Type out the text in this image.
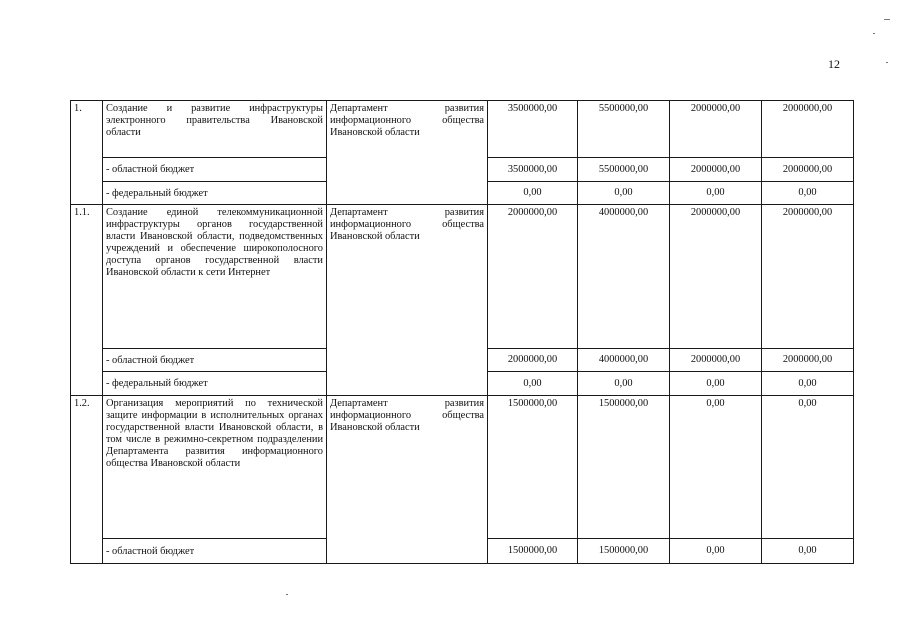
12
1.	Создание и развитие инфраструктуры электронного правительства Ивановской области	Департамент развития информационного общества Ивановской области	3500000,00	5500000,00	2000000,00	2000000,00
	- областной бюджет		3500000,00	5500000,00	2000000,00	2000000,00
	- федеральный бюджет		0,00	0,00	0,00	0,00
1.1.	Создание единой телекоммуникационной инфраструктуры органов государственной власти Ивановской области, подведомственных учреждений и обеспечение широкополосного доступа органов государственной власти Ивановской области к сети Интернет	Департамент развития информационного общества Ивановской области	2000000,00	4000000,00	2000000,00	2000000,00
	- областной бюджет		2000000,00	4000000,00	2000000,00	2000000,00
	- федеральный бюджет		0,00	0,00	0,00	0,00
1.2.	Организация мероприятий по технической защите информации в исполнительных органах государственной власти Ивановской области, в том числе в режимно-секретном подразделении Департамента развития информационного общества Ивановской области	Департамент развития информационного общества Ивановской области	1500000,00	1500000,00	0,00	0,00
	- областной бюджет		1500000,00	1500000,00	0,00	0,00
